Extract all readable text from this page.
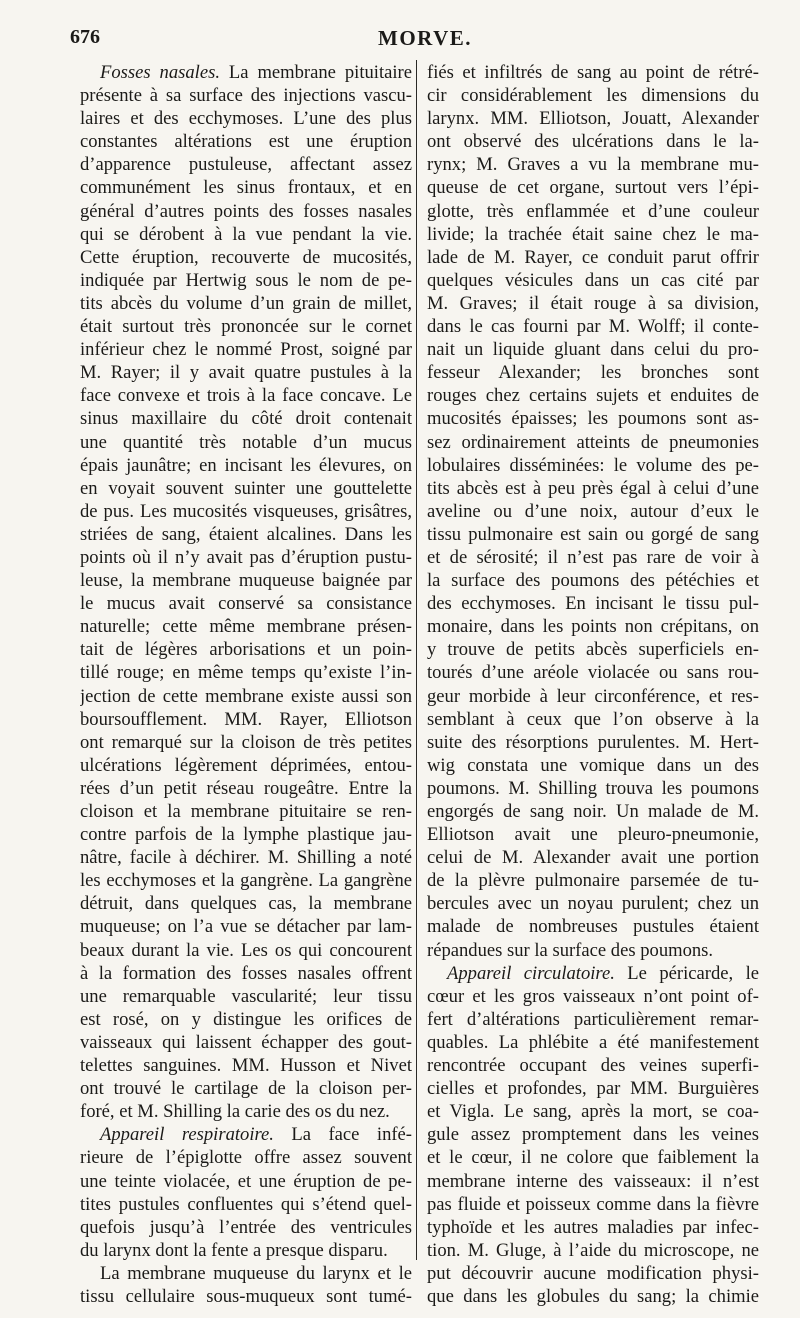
676	MORVE.
Fosses nasales. La membrane pituitaire
présente à sa surface des injections vascu-
laires et des ecchymoses. L’une des plus
constantes altérations est une éruption
d’apparence pustuleuse, affectant assez
communément les sinus frontaux, et en
général d’autres points des fosses nasales
qui se dérobent à la vue pendant la vie.
Cette éruption, recouverte de mucosités,
indiquée par Hertwig sous le nom de pe-
tits abcès du volume d’un grain de millet,
était surtout très prononcée sur le cornet
inférieur chez le nommé Prost, soigné par
M. Rayer; il y avait quatre pustules à la
face convexe et trois à la face concave. Le
sinus maxillaire du côté droit contenait
une quantité très notable d’un mucus
épais jaunâtre; en incisant les élevures, on
en voyait souvent suinter une gouttelette
de pus. Les mucosités visqueuses, grisâtres,
striées de sang, étaient alcalines. Dans les
points où il n’y avait pas d’éruption pustu-
leuse, la membrane muqueuse baignée par
le mucus avait conservé sa consistance
naturelle; cette même membrane présen-
tait de légères arborisations et un poin-
tillé rouge; en même temps qu’existe l’in-
jection de cette membrane existe aussi son
boursoufflement. MM. Rayer, Elliotson
ont remarqué sur la cloison de très petites
ulcérations légèrement déprimées, entou-
rées d’un petit réseau rougeâtre. Entre la
cloison et la membrane pituitaire se ren-
contre parfois de la lymphe plastique jau-
nâtre, facile à déchirer. M. Shilling a noté
les ecchymoses et la gangrène. La gangrène
détruit, dans quelques cas, la membrane
muqueuse; on l’a vue se détacher par lam-
beaux durant la vie. Les os qui concourent
à la formation des fosses nasales offrent
une remarquable vascularité; leur tissu
est rosé, on y distingue les orifices de
vaisseaux qui laissent échapper des gout-
telettes sanguines. MM. Husson et Nivet
ont trouvé le cartilage de la cloison per-
foré, et M. Shilling la carie des os du nez.
Appareil respiratoire. La face infé-
rieure de l’épiglotte offre assez souvent
une teinte violacée, et une éruption de pe-
tites pustules confluentes qui s’étend quel-
quefois jusqu’à l’entrée des ventricules
du larynx dont la fente a presque disparu.
La membrane muqueuse du larynx et le
tissu cellulaire sous-muqueux sont tumé-
fiés et infiltrés de sang au point de rétré-
cir considérablement les dimensions du
larynx. MM. Elliotson, Jouatt, Alexander
ont observé des ulcérations dans le la-
rynx; M. Graves a vu la membrane mu-
queuse de cet organe, surtout vers l’épi-
glotte, très enflammée et d’une couleur
livide; la trachée était saine chez le ma-
lade de M. Rayer, ce conduit parut offrir
quelques vésicules dans un cas cité par
M. Graves; il était rouge à sa division,
dans le cas fourni par M. Wolff; il conte-
nait un liquide gluant dans celui du pro-
fesseur Alexander; les bronches sont
rouges chez certains sujets et enduites de
mucosités épaisses; les poumons sont as-
sez ordinairement atteints de pneumonies
lobulaires disséminées: le volume des pe-
tits abcès est à peu près égal à celui d’une
aveline ou d’une noix, autour d’eux le
tissu pulmonaire est sain ou gorgé de sang
et de sérosité; il n’est pas rare de voir à
la surface des poumons des pétéchies et
des ecchymoses. En incisant le tissu pul-
monaire, dans les points non crépitans, on
y trouve de petits abcès superficiels en-
tourés d’une aréole violacée ou sans rou-
geur morbide à leur circonférence, et res-
semblant à ceux que l’on observe à la
suite des résorptions purulentes. M. Hert-
wig constata une vomique dans un des
poumons. M. Shilling trouva les poumons
engorgés de sang noir. Un malade de M.
Elliotson avait une pleuro-pneumonie,
celui de M. Alexander avait une portion
de la plèvre pulmonaire parsemée de tu-
bercules avec un noyau purulent; chez un
malade de nombreuses pustules étaient
répandues sur la surface des poumons.
Appareil circulatoire. Le péricarde, le
cœur et les gros vaisseaux n’ont point of-
fert d’altérations particulièrement remar-
quables. La phlébite a été manifestement
rencontrée occupant des veines superfi-
cielles et profondes, par MM. Burguières
et Vigla. Le sang, après la mort, se coa-
gule assez promptement dans les veines
et le cœur, il ne colore que faiblement la
membrane interne des vaisseaux: il n’est
pas fluide et poisseux comme dans la fièvre
typhoïde et les autres maladies par infec-
tion. M. Gluge, à l’aide du microscope, ne
put découvrir aucune modification physi-
que dans les globules du sang; la chimie
